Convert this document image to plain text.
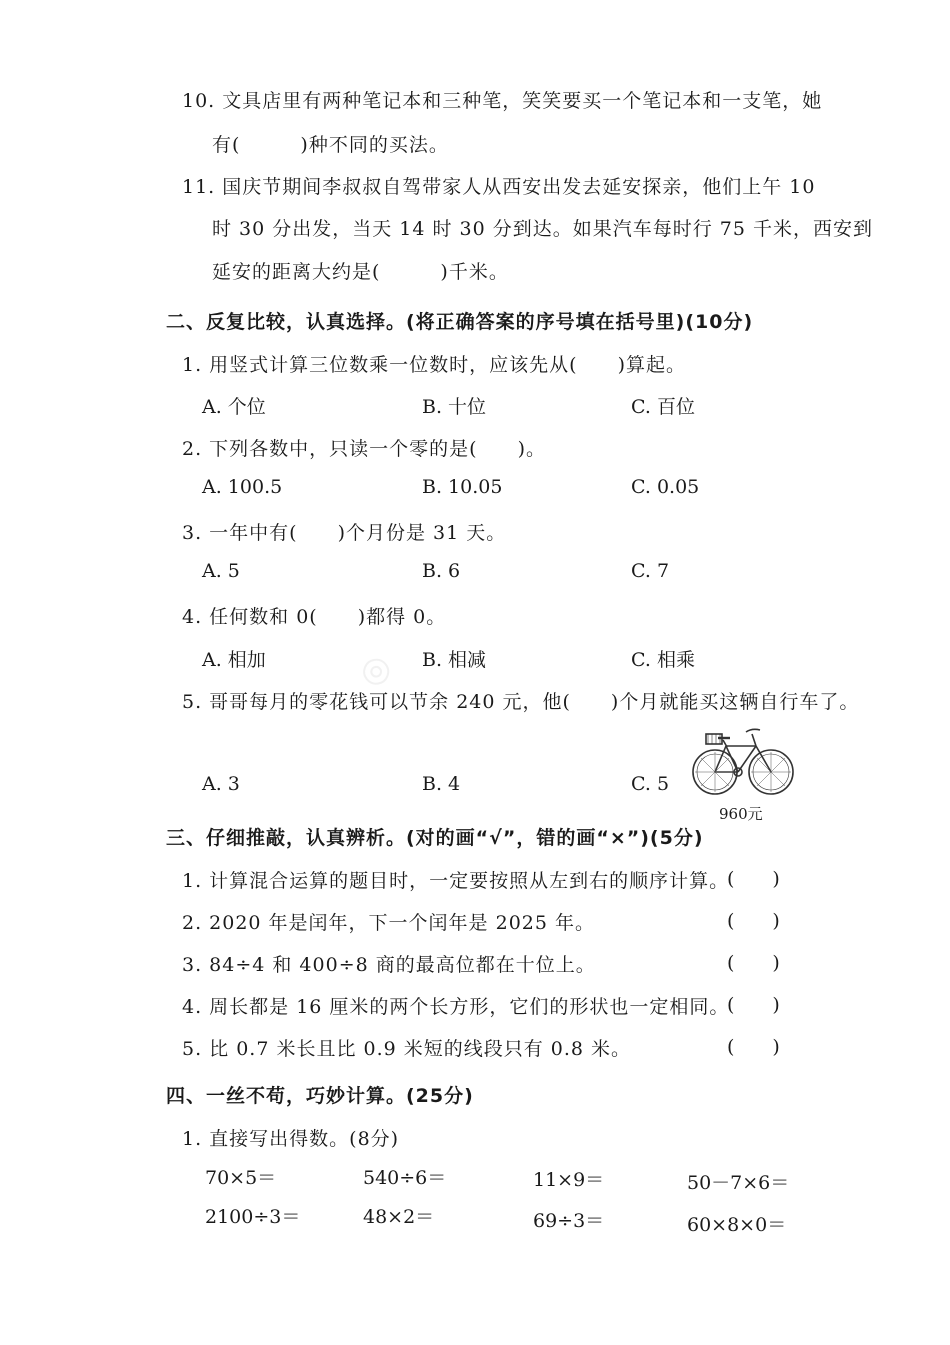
◎
10. 文具店里有两种笔记本和三种笔，笑笑要买一个笔记本和一支笔，她
有(　　　)种不同的买法。
11. 国庆节期间李叔叔自驾带家人从西安出发去延安探亲，他们上午 10
时 30 分出发，当天 14 时 30 分到达。如果汽车每时行 75 千米，西安到
延安的距离大约是(　　　)千米。
二、反复比较，认真选择。(将正确答案的序号填在括号里)(10分)
1. 用竖式计算三位数乘一位数时，应该先从(　　)算起。
A. 个位	B. 十位	C. 百位
2. 下列各数中，只读一个零的是(　　)。
A. 100.5	B. 10.05	C. 0.05
3. 一年中有(　　)个月份是 31 天。
A. 5	B. 6	C. 7
4. 任何数和 0(　　)都得 0。
A. 相加	B. 相减	C. 相乘
5. 哥哥每月的零花钱可以节余 240 元，他(　　)个月就能买这辆自行车了。
A. 3	B. 4	C. 5
960元
三、仔细推敲，认真辨析。(对的画“√”，错的画“×”)(5分)
1. 计算混合运算的题目时，一定要按照从左到右的顺序计算。
(　　)
2. 2020 年是闰年，下一个闰年是 2025 年。	(　　)
3. 84÷4 和 400÷8 商的最高位都在十位上。	(　　)
4. 周长都是 16 厘米的两个长方形，它们的形状也一定相同。
(　　)
5. 比 0.7 米长且比 0.9 米短的线段只有 0.8 米。	(　　)
四、一丝不苟，巧妙计算。(25分)
1. 直接写出得数。(8分)
70×5＝	540÷6＝	11×9＝	50－7×6＝
2100÷3＝	48×2＝	69÷3＝	60×8×0＝
